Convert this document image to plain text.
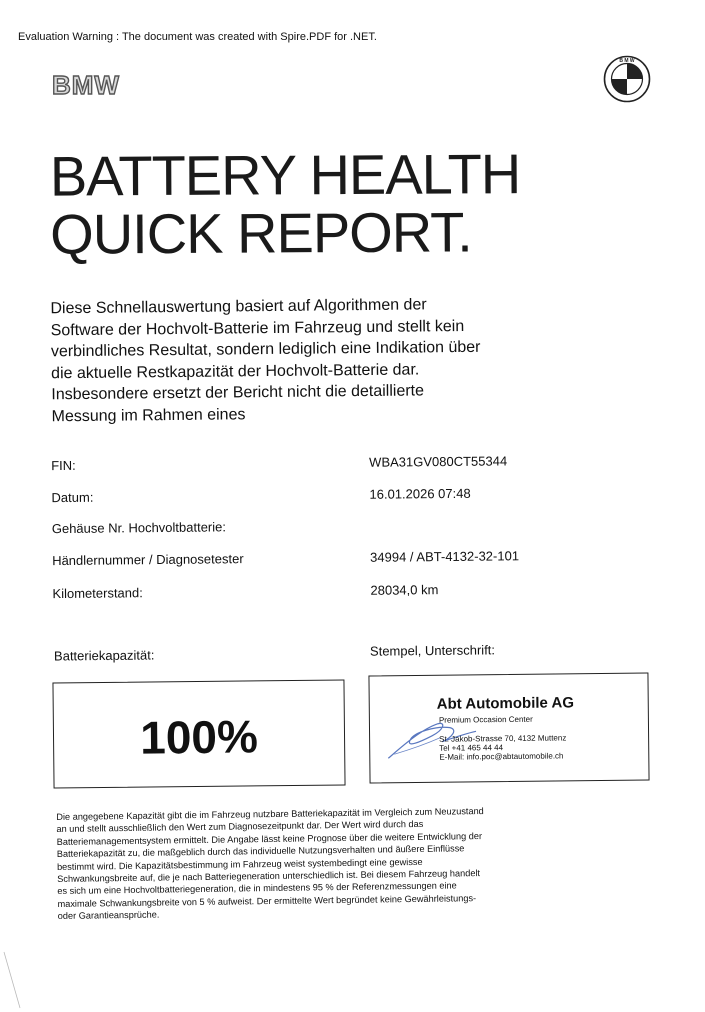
Evaluation Warning : The document was created with Spire.PDF for .NET.
BMW
B M W
BATTERY HEALTH
QUICK REPORT.
Diese Schnellauswertung basiert auf Algorithmen der Software der Hochvolt-Batterie im Fahrzeug und stellt kein verbindliches Resultat, sondern lediglich eine Indikation über die aktuelle Restkapazität der Hochvolt-Batterie dar. Insbesondere ersetzt der Bericht nicht die detaillierte Messung im Rahmen eines
FIN:	WBA31GV080CT55344
Datum:	16.01.2026 07:48
Gehäuse Nr. Hochvoltbatterie:
Händlernummer / Diagnosetester	34994 / ABT-4132-32-101
Kilometerstand:	28034,0 km
Batteriekapazität:	Stempel, Unterschrift:
100%
Abt Automobile AG
Premium Occasion Center
St. Jakob-Strasse 70, 4132 Muttenz
Tel +41 465 44 44
E-Mail: info.poc@abtautomobile.ch
Die angegebene Kapazität gibt die im Fahrzeug nutzbare Batteriekapazität im Vergleich zum Neuzustand an und stellt ausschließlich den Wert zum Diagnosezeitpunkt dar. Der Wert wird durch das Batteriemanagementsystem ermittelt. Die Angabe lässt keine Prognose über die weitere Entwicklung der Batteriekapazität zu, die maßgeblich durch das individuelle Nutzungsverhalten und äußere Einflüsse bestimmt wird. Die Kapazitätsbestimmung im Fahrzeug weist systembedingt eine gewisse Schwankungsbreite auf, die je nach Batteriegeneration unterschiedlich ist. Bei diesem Fahrzeug handelt es sich um eine Hochvoltbatteriegeneration, die in mindestens 95 % der Referenzmessungen eine maximale Schwankungsbreite von 5 % aufweist. Der ermittelte Wert begründet keine Gewährleistungs- oder Garantieansprüche.
